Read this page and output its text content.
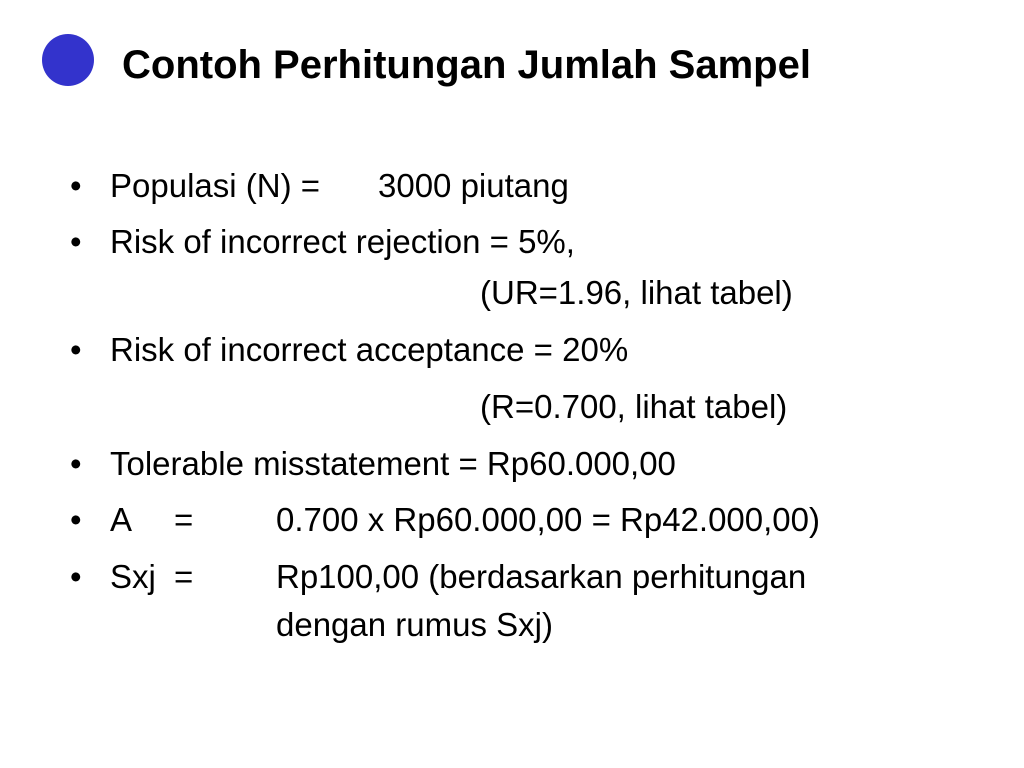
Contoh Perhitungan Jumlah Sampel
• Populasi (N) = 3000 piutang
• Risk of incorrect rejection = 5%,
(UR=1.96, lihat tabel)
• Risk of incorrect acceptance = 20%
(R=0.700, lihat tabel)
• Tolerable misstatement = Rp60.000,00
• A =	0.700 x Rp60.000,00 = Rp42.000,00)
• Sxj =	Rp100,00 (berdasarkan perhitungan
dengan rumus Sxj)
